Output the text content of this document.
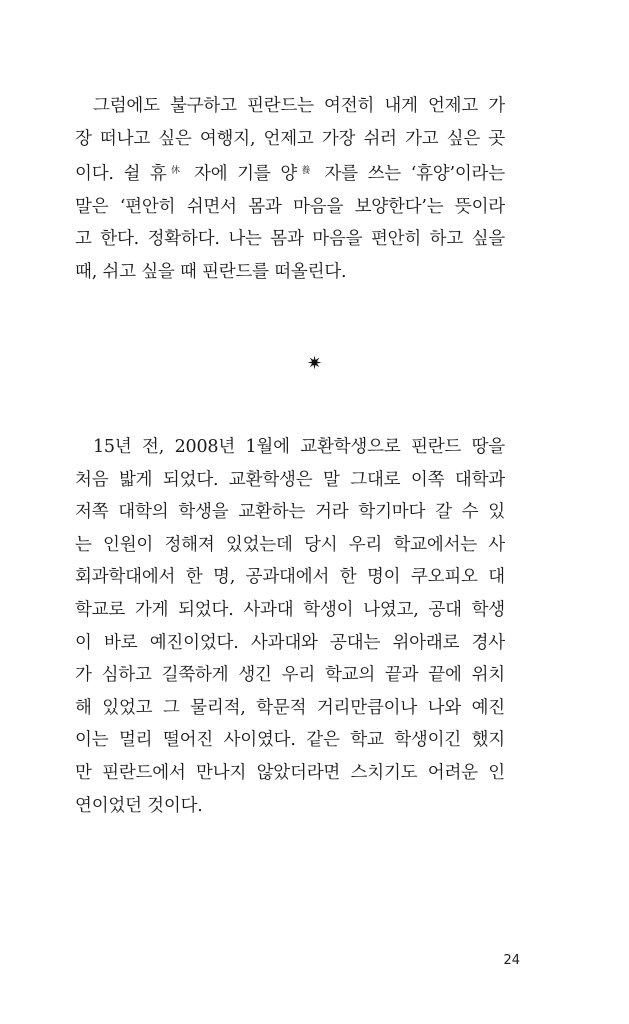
그럼에도 불구하고 핀란드는 여전히 내게 언제고 가
장 떠나고 싶은 여행지, 언제고 가장 쉬러 가고 싶은 곳
이다. 쉴 휴$^休$ 자에 기를 양$^養$ 자를 쓰는 ‘휴양’이라는
말은 ‘편안히 쉬면서 몸과 마음을 보양한다’는 뜻이라
고 한다. 정확하다. 나는 몸과 마음을 편안히 하고 싶을
때, 쉬고 싶을 때 핀란드를 떠올린다.
✷
15년 전, 2008년 1월에 교환학생으로 핀란드 땅을
처음 밟게 되었다. 교환학생은 말 그대로 이쪽 대학과
저쪽 대학의 학생을 교환하는 거라 학기마다 갈 수 있
는 인원이 정해져 있었는데 당시 우리 학교에서는 사
회과학대에서 한 명, 공과대에서 한 명이 쿠오피오 대
학교로 가게 되었다. 사과대 학생이 나였고, 공대 학생
이 바로 예진이었다. 사과대와 공대는 위아래로 경사
가 심하고 길쭉하게 생긴 우리 학교의 끝과 끝에 위치
해 있었고 그 물리적, 학문적 거리만큼이나 나와 예진
이는 멀리 떨어진 사이였다. 같은 학교 학생이긴 했지
만 핀란드에서 만나지 않았더라면 스치기도 어려운 인
연이었던 것이다.
24
